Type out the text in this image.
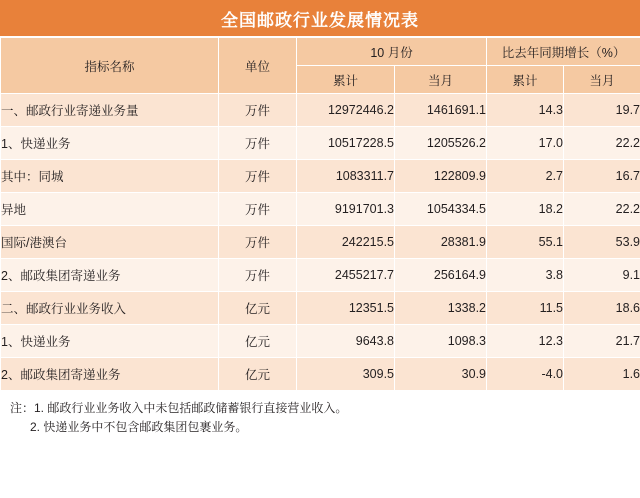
全国邮政行业发展情况表
指标名称	单位	10 月份		比去年同期增长（%）	
		累计	当月	累计	当月
一、邮政行业寄递业务量	万件	12972446.2	1461691.1	14.3	19.7
1、快递业务	万件	10517228.5	1205526.2	17.0	22.2
其中：同城	万件	1083311.7	122809.9	2.7	16.7
异地	万件	9191701.3	1054334.5	18.2	22.2
国际/港澳台	万件	242215.5	28381.9	55.1	53.9
2、邮政集团寄递业务	万件	2455217.7	256164.9	3.8	9.1
二、邮政行业业务收入	亿元	12351.5	1338.2	11.5	18.6
1、快递业务	亿元	9643.8	1098.3	12.3	21.7
2、邮政集团寄递业务	亿元	309.5	30.9	-4.0	1.6
注：1. 邮政行业业务收入中未包括邮政储蓄银行直接营业收入。
2. 快递业务中不包含邮政集团包裹业务。
